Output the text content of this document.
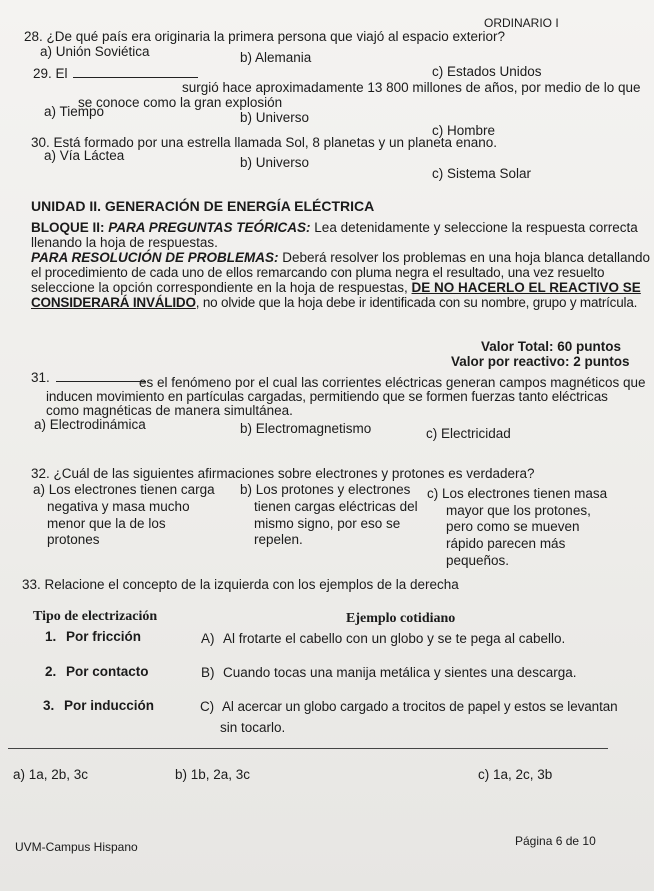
ORDINARIO I
28. ¿De qué país era originaria la primera persona que viajó al espacio exterior?
a) Unión Soviética	b) Alemania
c) Estados Unidos
29. El
surgió hace aproximadamente 13 800 millones de años, por medio de lo que
se conoce como la gran explosión
a) Tiempo	b) Universo
c) Hombre
30. Está formado por una estrella llamada Sol, 8 planetas y un planeta enano.
a) Vía Láctea	b) Universo
c) Sistema Solar
UNIDAD II. GENERACIÓN DE ENERGÍA ELÉCTRICA
BLOQUE II: PARA PREGUNTAS TEÓRICAS: Lea detenidamente y seleccione la respuesta correcta
llenando la hoja de respuestas.
PARA RESOLUCIÓN DE PROBLEMAS: Deberá resolver los problemas en una hoja blanca detallando
el procedimiento de cada uno de ellos remarcando con pluma negra el resultado, una vez resuelto
seleccione la opción correspondiente en la hoja de respuestas, DE NO HACERLO EL REACTIVO SE
CONSIDERARÁ INVÁLIDO, no olvide que la hoja debe ir identificada con su nombre, grupo y matrícula.
Valor Total: 60 puntos
Valor por reactivo: 2 puntos
31.	es el fenómeno por el cual las corrientes eléctricas generan campos magnéticos que
inducen movimiento en partículas cargadas, permitiendo que se formen fuerzas tanto eléctricas
como magnéticas de manera simultánea.
a) Electrodinámica	b) Electromagnetismo	c) Electricidad
32. ¿Cuál de las siguientes afirmaciones sobre electrones y protones es verdadera?
a) Los electrones tienen carga
negativa y masa mucho
menor que la de los
protones
b) Los protones y electrones
tienen cargas eléctricas del
mismo signo, por eso se
repelen.
c) Los electrones tienen masa
mayor que los protones,
pero como se mueven
rápido parecen más
pequeños.
33. Relacione el concepto de la izquierda con los ejemplos de la derecha
Tipo de electrización	Ejemplo cotidiano
1. Por fricción	A) Al frotarte el cabello con un globo y se te pega al cabello.
2. Por contacto	B) Cuando tocas una manija metálica y sientes una descarga.
3. Por inducción	C) Al acercar un globo cargado a trocitos de papel y estos se levantan
sin tocarlo.
a) 1a, 2b, 3c	b) 1b, 2a, 3c	c) 1a, 2c, 3b
UVM-Campus Hispano	Página 6 de 10
